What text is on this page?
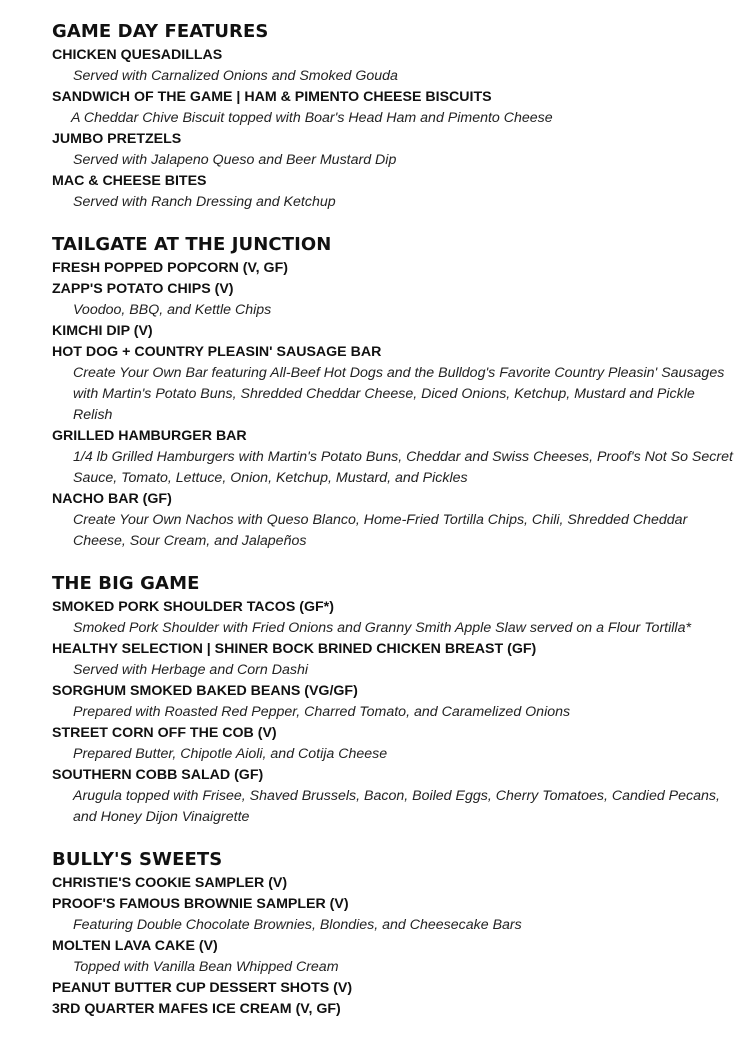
GAME DAY FEATURES
CHICKEN QUESADILLAS
Served with Carnalized Onions and Smoked Gouda
SANDWICH OF THE GAME | HAM & PIMENTO CHEESE BISCUITS
A Cheddar Chive Biscuit topped with Boar's Head Ham and Pimento Cheese
JUMBO PRETZELS
Served with Jalapeno Queso and Beer Mustard Dip
MAC & CHEESE BITES
Served with Ranch Dressing and Ketchup
TAILGATE AT THE JUNCTION
FRESH POPPED POPCORN (V, GF)
ZAPP'S POTATO CHIPS (V)
Voodoo, BBQ, and Kettle Chips
KIMCHI DIP (V)
HOT DOG + COUNTRY PLEASIN' SAUSAGE BAR
Create Your Own Bar featuring All-Beef Hot Dogs and the Bulldog's Favorite Country Pleasin' Sausages with Martin's Potato Buns, Shredded Cheddar Cheese, Diced Onions, Ketchup, Mustard and Pickle Relish
GRILLED HAMBURGER BAR
1/4 lb Grilled Hamburgers with Martin's Potato Buns, Cheddar and Swiss Cheeses, Proof's Not So Secret Sauce, Tomato, Lettuce, Onion, Ketchup, Mustard, and Pickles
NACHO BAR (GF)
Create Your Own Nachos with Queso Blanco, Home-Fried Tortilla Chips, Chili, Shredded Cheddar Cheese, Sour Cream, and Jalapeños
THE BIG GAME
SMOKED PORK SHOULDER TACOS (GF*)
Smoked Pork Shoulder with Fried Onions and Granny Smith Apple Slaw served on a Flour Tortilla*
HEALTHY SELECTION | SHINER BOCK BRINED CHICKEN BREAST (GF)
Served with Herbage and Corn Dashi
SORGHUM SMOKED BAKED BEANS (VG/GF)
Prepared with Roasted Red Pepper, Charred Tomato, and Caramelized Onions
STREET CORN OFF THE COB (V)
Prepared Butter, Chipotle Aioli, and Cotija Cheese
SOUTHERN COBB SALAD (GF)
Arugula topped with Frisee, Shaved Brussels, Bacon, Boiled Eggs, Cherry Tomatoes, Candied Pecans, and Honey Dijon Vinaigrette
BULLY'S SWEETS
CHRISTIE'S COOKIE SAMPLER (V)
PROOF'S FAMOUS BROWNIE SAMPLER (V)
Featuring Double Chocolate Brownies, Blondies, and Cheesecake Bars
MOLTEN LAVA CAKE (V)
Topped with Vanilla Bean Whipped Cream
PEANUT BUTTER CUP DESSERT SHOTS (V)
3RD QUARTER MAFES ICE CREAM (V, GF)
